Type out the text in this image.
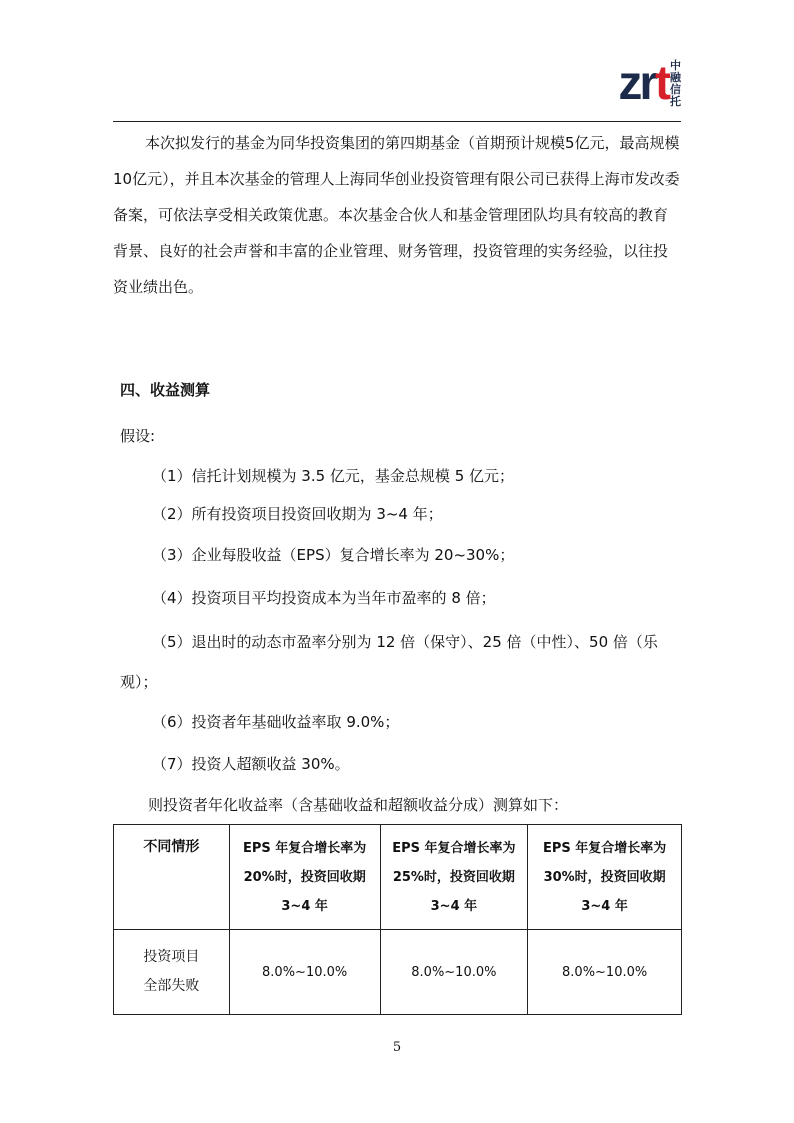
zrt 中
融
信
托

本次拟发行的基金为同华投资集团的第四期基金（首期预计规模5亿元，最高规模10亿元），并且本次基金的管理人上海同华创业投资管理有限公司已获得上海市发改委备案，可依法享受相关政策优惠。本次基金合伙人和基金管理团队均具有较高的教育背景、良好的社会声誉和丰富的企业管理、财务管理，投资管理的实务经验，以往投资业绩出色。

四、收益测算

假设:

（1）信托计划规模为 3.5 亿元，基金总规模 5 亿元；

（2）所有投资项目投资回收期为 3~4 年；

（3）企业每股收益（EPS）复合增长率为 20~30%；

（4）投资项目平均投资成本为当年市盈率的 8 倍；

（5）退出时的动态市盈率分别为 12 倍（保守）、25 倍（中性）、50 倍（乐观）；

（6）投资者年基础收益率取 9.0%；

（7）投资人超额收益 30%。

则投资者年化收益率（含基础收益和超额收益分成）测算如下：

不同情形	EPS 年复合增长率为20%时，投资回收期3~4 年	EPS 年复合增长率为25%时，投资回收期3~4 年	EPS 年复合增长率为30%时，投资回收期3~4 年

投资项目全部失败	8.0%~10.0%	8.0%~10.0%	8.0%~10.0%
5
